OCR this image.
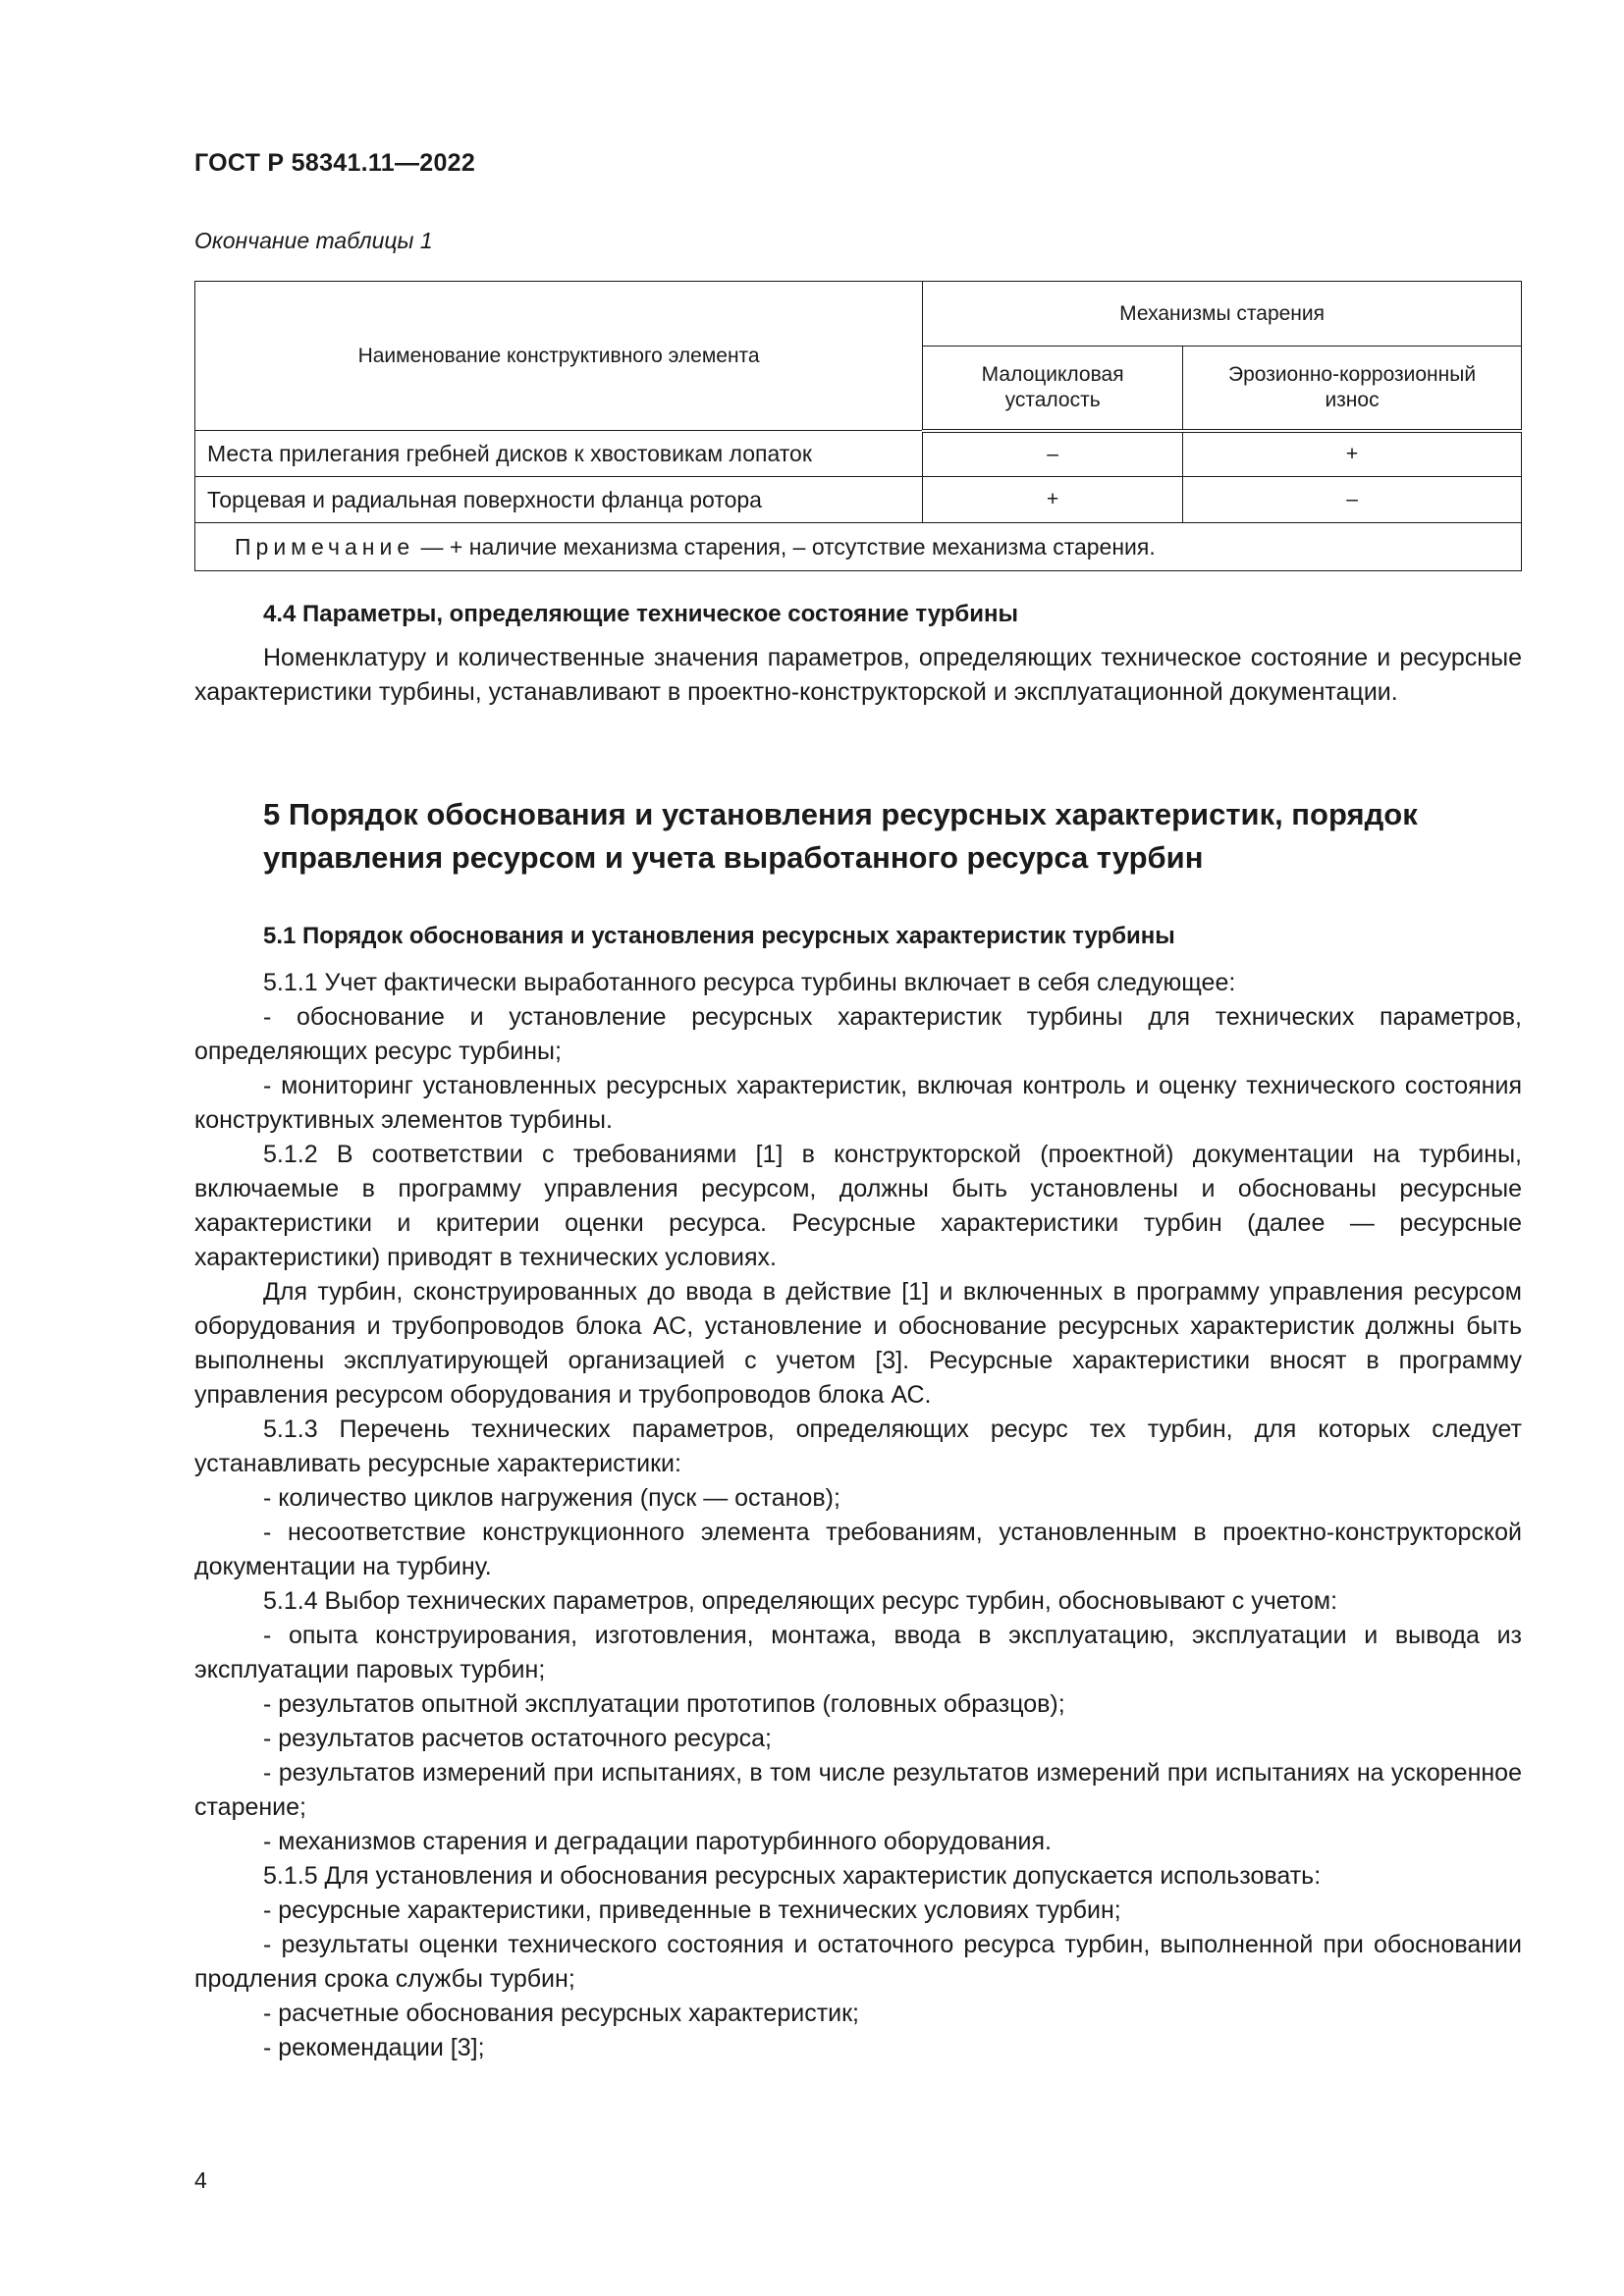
ГОСТ Р 58341.11—2022
Окончание таблицы 1
Наименование конструктивного элемента	Механизмы старения	

	Малоцикловая усталость	Эрозионно-коррозионный износ

Места прилегания гребней дисков к хвостовикам лопаток	–	+
Торцевая и радиальная поверхности фланца ротора	+	–
Примечание — + наличие механизма старения, – отсутствие механизма старения.		
4.4 Параметры, определяющие техническое состояние турбины

Номенклатуру и количественные значения параметров, определяющих техническое состояние и ресурсные характеристики турбины, устанавливают в проектно-конструкторской и эксплуатационной документации.

5 Порядок обоснования и установления ресурсных характеристик, порядок управления ресурсом и учета выработанного ресурса турбин
5.1 Порядок обоснования и установления ресурсных характеристик турбины
5.1.1 Учет фактически выработанного ресурса турбины включает в себя следующее:
- обоснование и установление ресурсных характеристик турбины для технических параметров, определяющих ресурс турбины;
- мониторинг установленных ресурсных характеристик, включая контроль и оценку технического состояния конструктивных элементов турбины.
5.1.2 В соответствии с требованиями [1] в конструкторской (проектной) документации на турбины, включаемые в программу управления ресурсом, должны быть установлены и обоснованы ресурсные характеристики и критерии оценки ресурса. Ресурсные характеристики турбин (далее — ресурсные характеристики) приводят в технических условиях.
Для турбин, сконструированных до ввода в действие [1] и включенных в программу управления ресурсом оборудования и трубопроводов блока АС, установление и обоснование ресурсных характеристик должны быть выполнены эксплуатирующей организацией с учетом [3]. Ресурсные характеристики вносят в программу управления ресурсом оборудования и трубопроводов блока АС.
5.1.3 Перечень технических параметров, определяющих ресурс тех турбин, для которых следует устанавливать ресурсные характеристики:
- количество циклов нагружения (пуск — останов);
- несоответствие конструкционного элемента требованиям, установленным в проектно-конструкторской документации на турбину.
5.1.4 Выбор технических параметров, определяющих ресурс турбин, обосновывают с учетом:
- опыта конструирования, изготовления, монтажа, ввода в эксплуатацию, эксплуатации и вывода из эксплуатации паровых турбин;
- результатов опытной эксплуатации прототипов (головных образцов);
- результатов расчетов остаточного ресурса;
- результатов измерений при испытаниях, в том числе результатов измерений при испытаниях на ускоренное старение;
- механизмов старения и деградации паротурбинного оборудования.
5.1.5 Для установления и обоснования ресурсных характеристик допускается использовать:
- ресурсные характеристики, приведенные в технических условиях турбин;
- результаты оценки технического состояния и остаточного ресурса турбин, выполненной при обосновании продления срока службы турбин;
- расчетные обоснования ресурсных характеристик;
- рекомендации [3];
4
